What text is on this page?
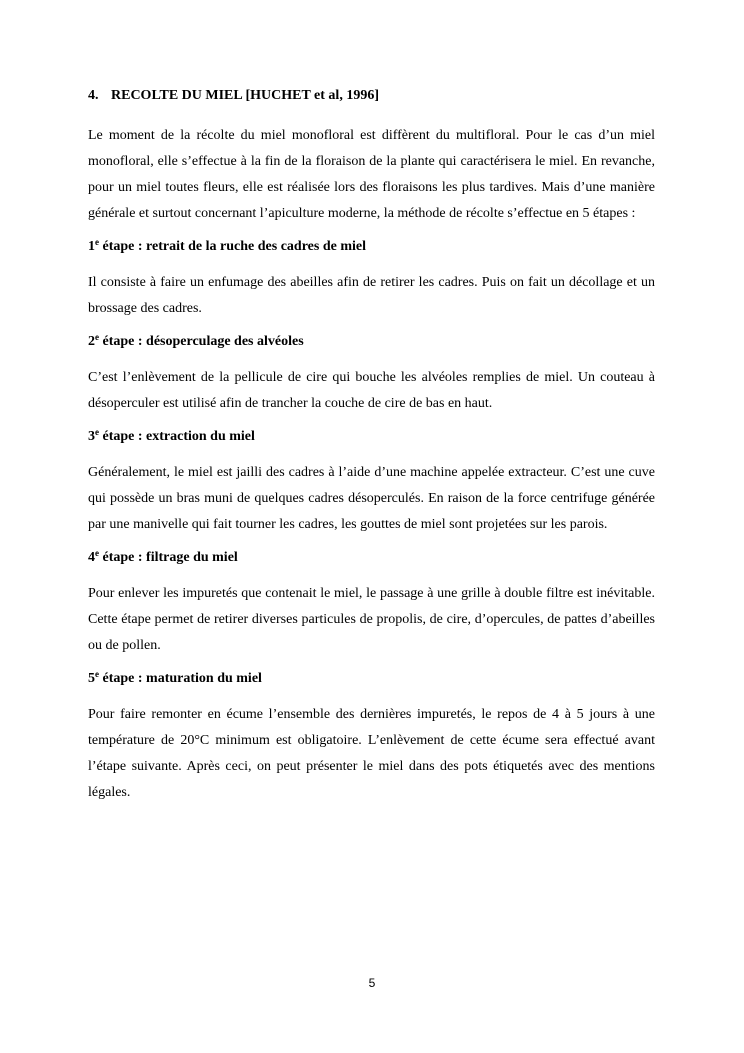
4. RECOLTE DU MIEL [HUCHET et al, 1996]

Le moment de la récolte du miel monofloral est diffèrent du multifloral. Pour le cas d’un miel monofloral, elle s’effectue à la fin de la floraison de la plante qui caractérisera le miel. En revanche, pour un miel toutes fleurs, elle est réalisée lors des floraisons les plus tardives. Mais d’une manière générale et surtout concernant l’apiculture moderne, la méthode de récolte s’effectue en 5 étapes :

1e étape : retrait de la ruche des cadres de miel

Il consiste à faire un enfumage des abeilles afin de retirer les cadres. Puis on fait un décollage et un brossage des cadres.

2e étape : désoperculage des alvéoles

C’est l’enlèvement de la pellicule de cire qui bouche les alvéoles remplies de miel. Un couteau à désoperculer est utilisé afin de trancher la couche de cire de bas en haut.

3e étape : extraction du miel

Généralement, le miel est jailli des cadres à l’aide d’une machine appelée extracteur. C’est une cuve qui possède un bras muni de quelques cadres désoperculés. En raison de la force centrifuge générée par une manivelle qui fait tourner les cadres, les gouttes de miel sont projetées sur les parois.

4e étape : filtrage du miel

Pour enlever les impuretés que contenait le miel, le passage à une grille à double filtre est inévitable. Cette étape permet de retirer diverses particules de propolis, de cire, d’opercules, de pattes d’abeilles ou de pollen.

5e étape : maturation du miel

Pour faire remonter en écume l’ensemble des dernières impuretés, le repos de 4 à 5 jours à une température de 20°C minimum est obligatoire. L’enlèvement de cette écume sera effectué avant l’étape suivante. Après ceci, on peut présenter le miel dans des pots étiquetés avec des mentions légales.

5
